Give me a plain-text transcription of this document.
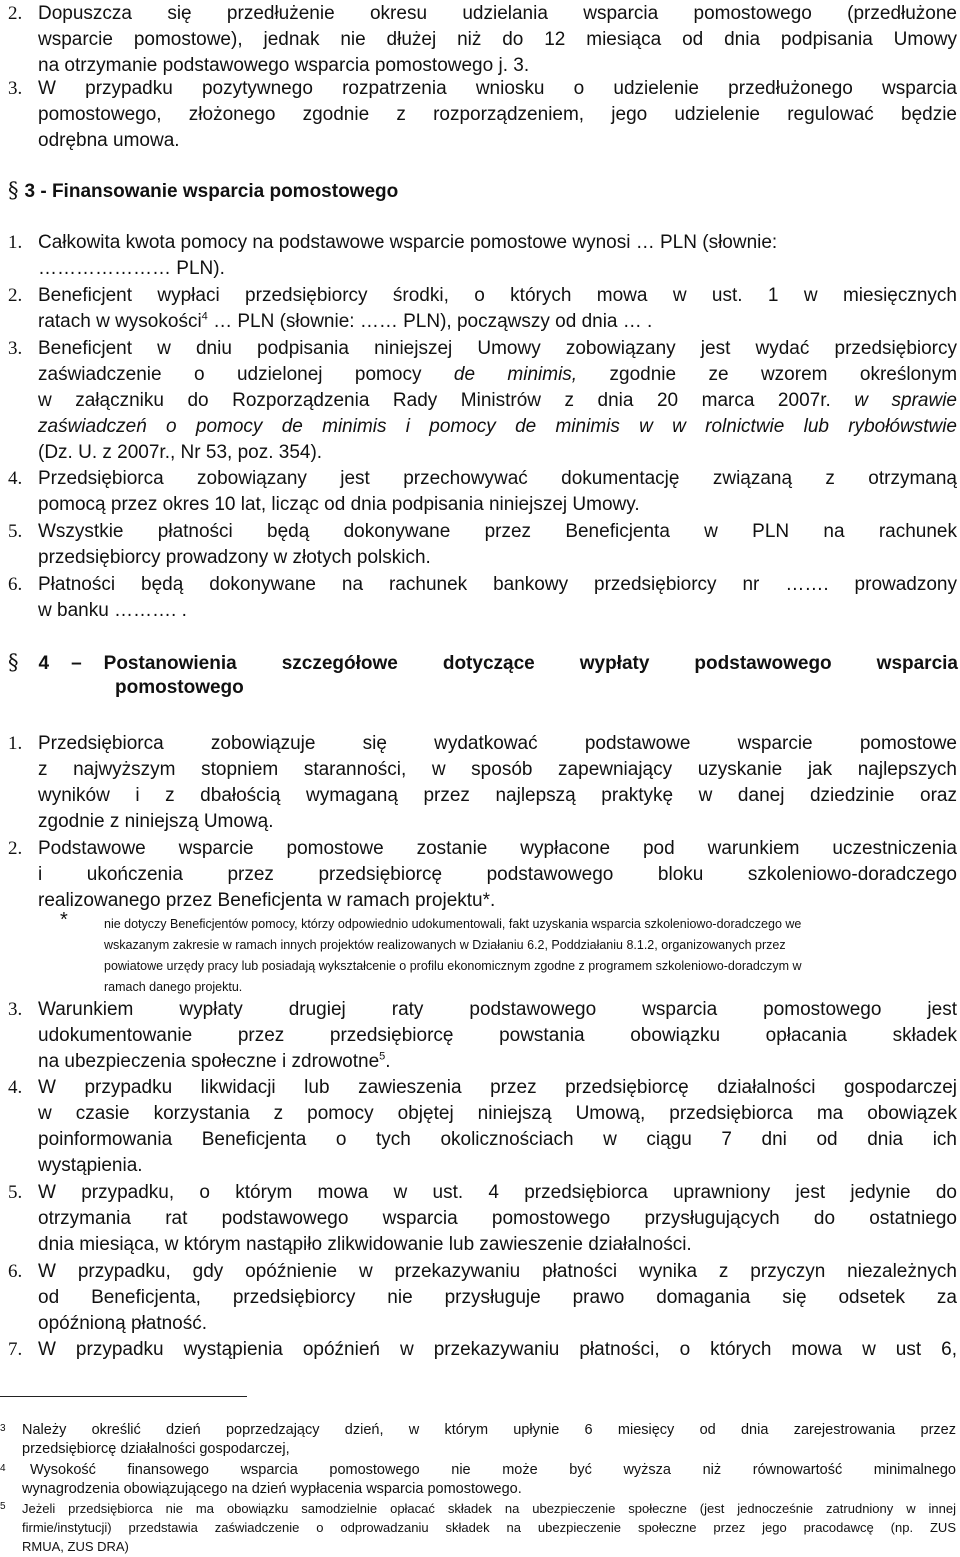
2. Dopuszcza się przedłużenie okresu udzielania wsparcia pomostowego (przedłużone
wsparcie pomostowe), jednak nie dłużej niż do 12 miesiąca od dnia podpisania Umowy
na otrzymanie podstawowego wsparcia pomostowego j. 3.
3. W przypadku pozytywnego rozpatrzenia wniosku o udzielenie przedłużonego wsparcia
pomostowego, złożonego zgodnie z rozporządzeniem, jego udzielenie regulować będzie
odrębna umowa.
§ 3 - Finansowanie wsparcia pomostowego
1. Całkowita kwota pomocy na podstawowe wsparcie pomostowe wynosi … PLN (słownie:
………………… PLN).
2. Beneficjent wypłaci przedsiębiorcy środki, o których mowa w ust. 1 w miesięcznych
ratach w wysokości$^4$ … PLN (słownie: …… PLN), począwszy od dnia … .
3. Beneficjent w dniu podpisania niniejszej Umowy zobowiązany jest wydać przedsiębiorcy
zaświadczenie o udzielonej pomocy de minimis, zgodnie ze wzorem określonym
w załączniku do Rozporządzenia Rady Ministrów z dnia 20 marca 2007r. w sprawie
zaświadczeń o pomocy de minimis i pomocy de minimis w w rolnictwie lub rybołówstwie
(Dz. U. z 2007r., Nr 53, poz. 354).
4. Przedsiębiorca zobowiązany jest przechowywać dokumentację związaną z otrzymaną
pomocą przez okres 10 lat, licząc od dnia podpisania niniejszej Umowy.
5. Wszystkie płatności będą dokonywane przez Beneficjenta w PLN na rachunek
przedsiębiorcy prowadzony w złotych polskich.
6. Płatności będą dokonywane na rachunek bankowy przedsiębiorcy nr ……. prowadzony
w banku ………. .
§ 4 – Postanowienia szczegółowe dotyczące wypłaty podstawowego wsparcia
pomostowego
1. Przedsiębiorca zobowiązuje się wydatkować podstawowe wsparcie pomostowe
z najwyższym stopniem staranności, w sposób zapewniający uzyskanie jak najlepszych
wyników i z dbałością wymaganą przez najlepszą praktykę w danej dziedzinie oraz
zgodnie z niniejszą Umową.
2. Podstawowe wsparcie pomostowe zostanie wypłacone pod warunkiem uczestniczenia
i ukończenia przez przedsiębiorcę podstawowego bloku szkoleniowo-doradczego
realizowanego przez Beneficjenta w ramach projektu*.
*	nie dotyczy Beneficjentów pomocy, którzy odpowiednio udokumentowali, fakt uzyskania wsparcia szkoleniowo-doradczego we
wskazanym zakresie w ramach innych projektów realizowanych w Działaniu 6.2, Poddziałaniu 8.1.2, organizowanych przez
powiatowe urzędy pracy lub posiadają wykształcenie o profilu ekonomicznym zgodne z programem szkoleniowo-doradczym w
ramach danego projektu.
3. Warunkiem wypłaty drugiej raty podstawowego wsparcia pomostowego jest
udokumentowanie przez przedsiębiorcę powstania obowiązku opłacania składek
na ubezpieczenia społeczne i zdrowotne$^5$.
4. W przypadku likwidacji lub zawieszenia przez przedsiębiorcę działalności gospodarczej
w czasie korzystania z pomocy objętej niniejszą Umową, przedsiębiorca ma obowiązek
poinformowania Beneficjenta o tych okolicznościach w ciągu 7 dni od dnia ich
wystąpienia.
5. W przypadku, o którym mowa w ust. 4 przedsiębiorca uprawniony jest jedynie do
otrzymania rat podstawowego wsparcia pomostowego przysługujących do ostatniego
dnia miesiąca, w którym nastąpiło zlikwidowanie lub zawieszenie działalności.
6. W przypadku, gdy opóźnienie w przekazywaniu płatności wynika z przyczyn niezależnych
od Beneficjenta, przedsiębiorcy nie przysługuje prawo domagania się odsetek za
opóźnioną płatność.
7. W przypadku wystąpienia opóźnień w przekazywaniu płatności, o których mowa w ust 6,
3 Należy określić dzień poprzedzający dzień, w którym upłynie 6 miesięcy od dnia zarejestrowania przez
przedsiębiorcę działalności gospodarczej,
4	Wysokość finansowego wsparcia pomostowego nie może być wyższa niż równowartość minimalnego
wynagrodzenia obowiązującego na dzień wypłacenia wsparcia pomostowego.
5 Jeżeli przedsiębiorca nie ma obowiązku samodzielnie opłacać składek na ubezpieczenie społeczne (jest jednocześnie zatrudniony w innej
firmie/instytucji) przedstawia zaświadczenie o odprowadzaniu składek na ubezpieczenie społeczne przez jego pracodawcę (np. ZUS
RMUA, ZUS DRA)
